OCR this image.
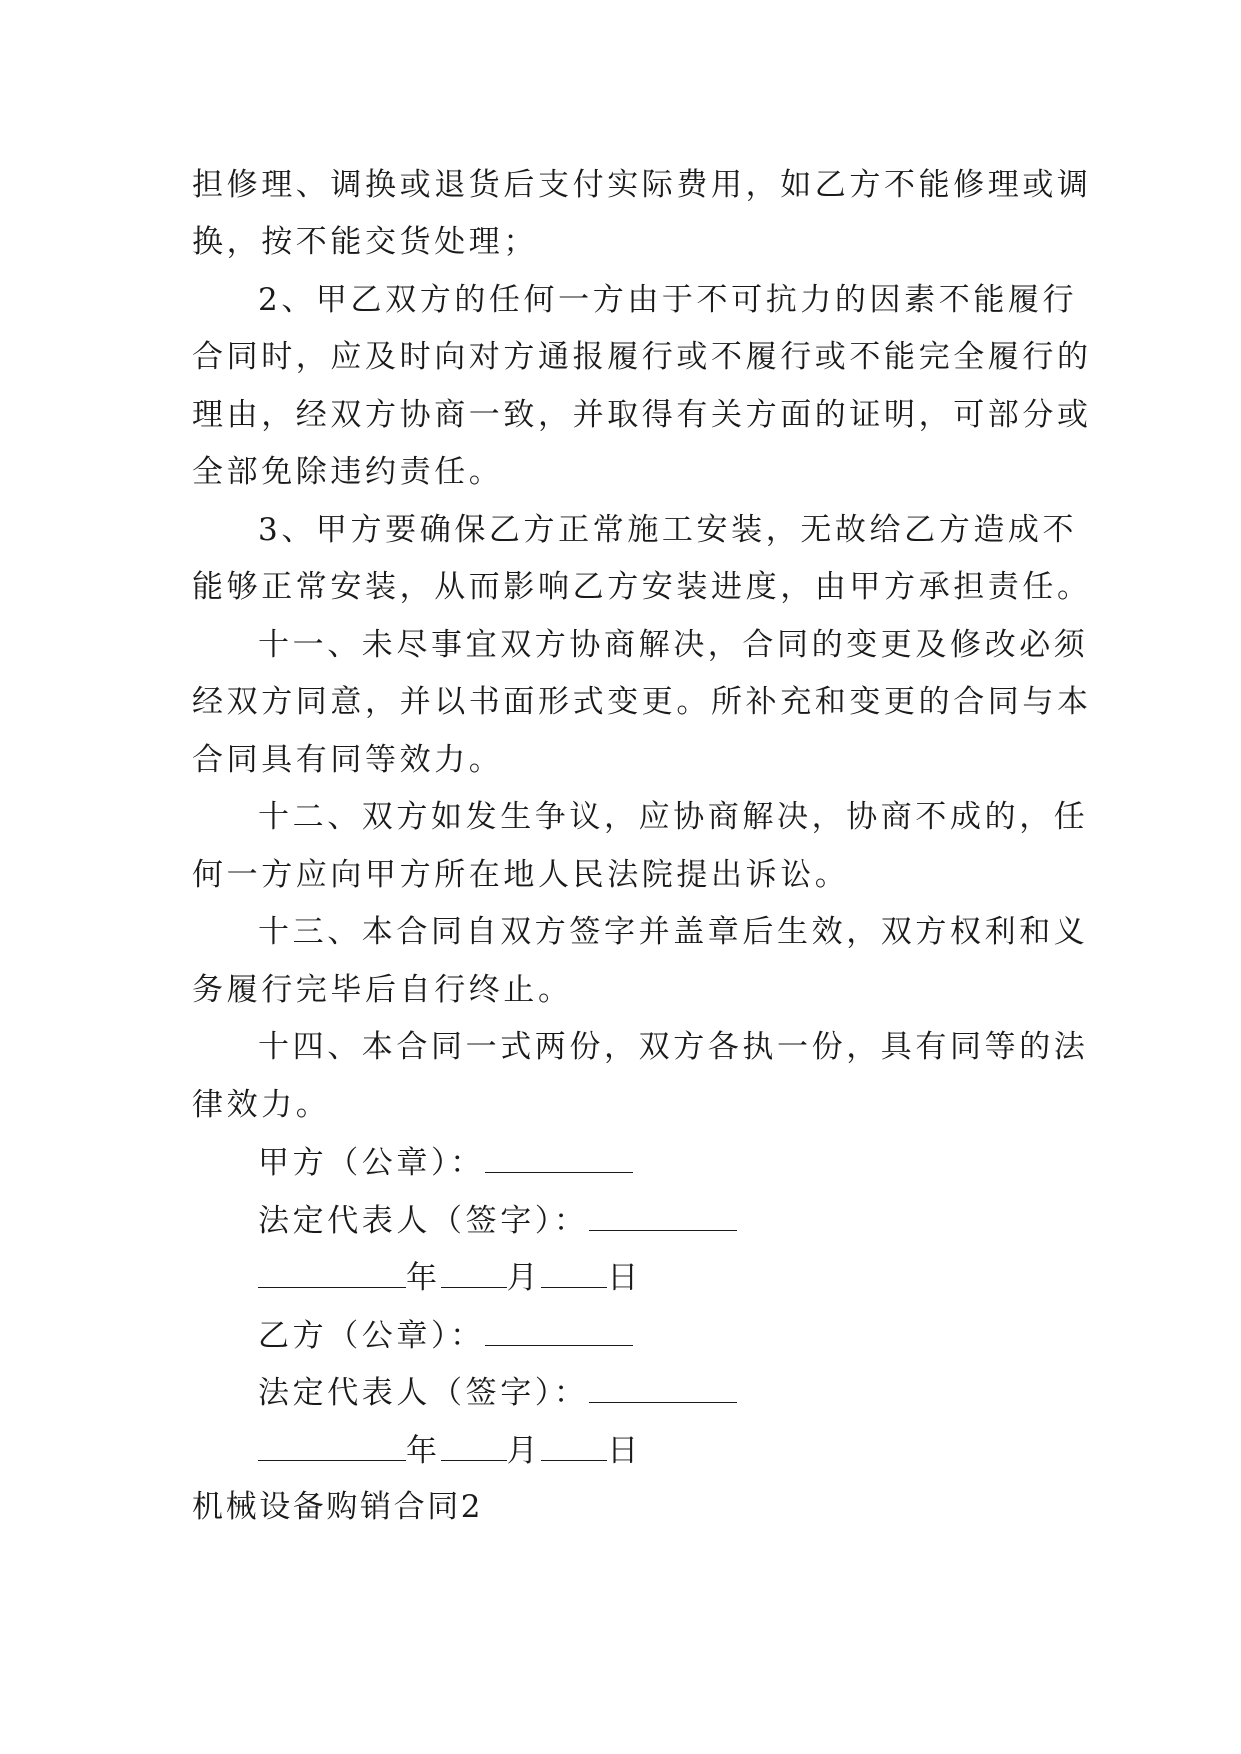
担修理、调换或退货后支付实际费用，如乙方不能修理或调
换，按不能交货处理；
2、甲乙双方的任何一方由于不可抗力的因素不能履行
合同时，应及时向对方通报履行或不履行或不能完全履行的
理由，经双方协商一致，并取得有关方面的证明，可部分或
全部免除违约责任。
3、甲方要确保乙方正常施工安装，无故给乙方造成不
能够正常安装，从而影响乙方安装进度，由甲方承担责任。
十一、未尽事宜双方协商解决，合同的变更及修改必须
经双方同意，并以书面形式变更。所补充和变更的合同与本
合同具有同等效力。
十二、双方如发生争议，应协商解决，协商不成的，任
何一方应向甲方所在地人民法院提出诉讼。
十三、本合同自双方签字并盖章后生效，双方权利和义
务履行完毕后自行终止。
十四、本合同一式两份，双方各执一份，具有同等的法
律效力。
甲方（公章）：
法定代表人（签字）：
年 月 日
乙方（公章）：
法定代表人（签字）：
年 月 日
机械设备购销合同2
